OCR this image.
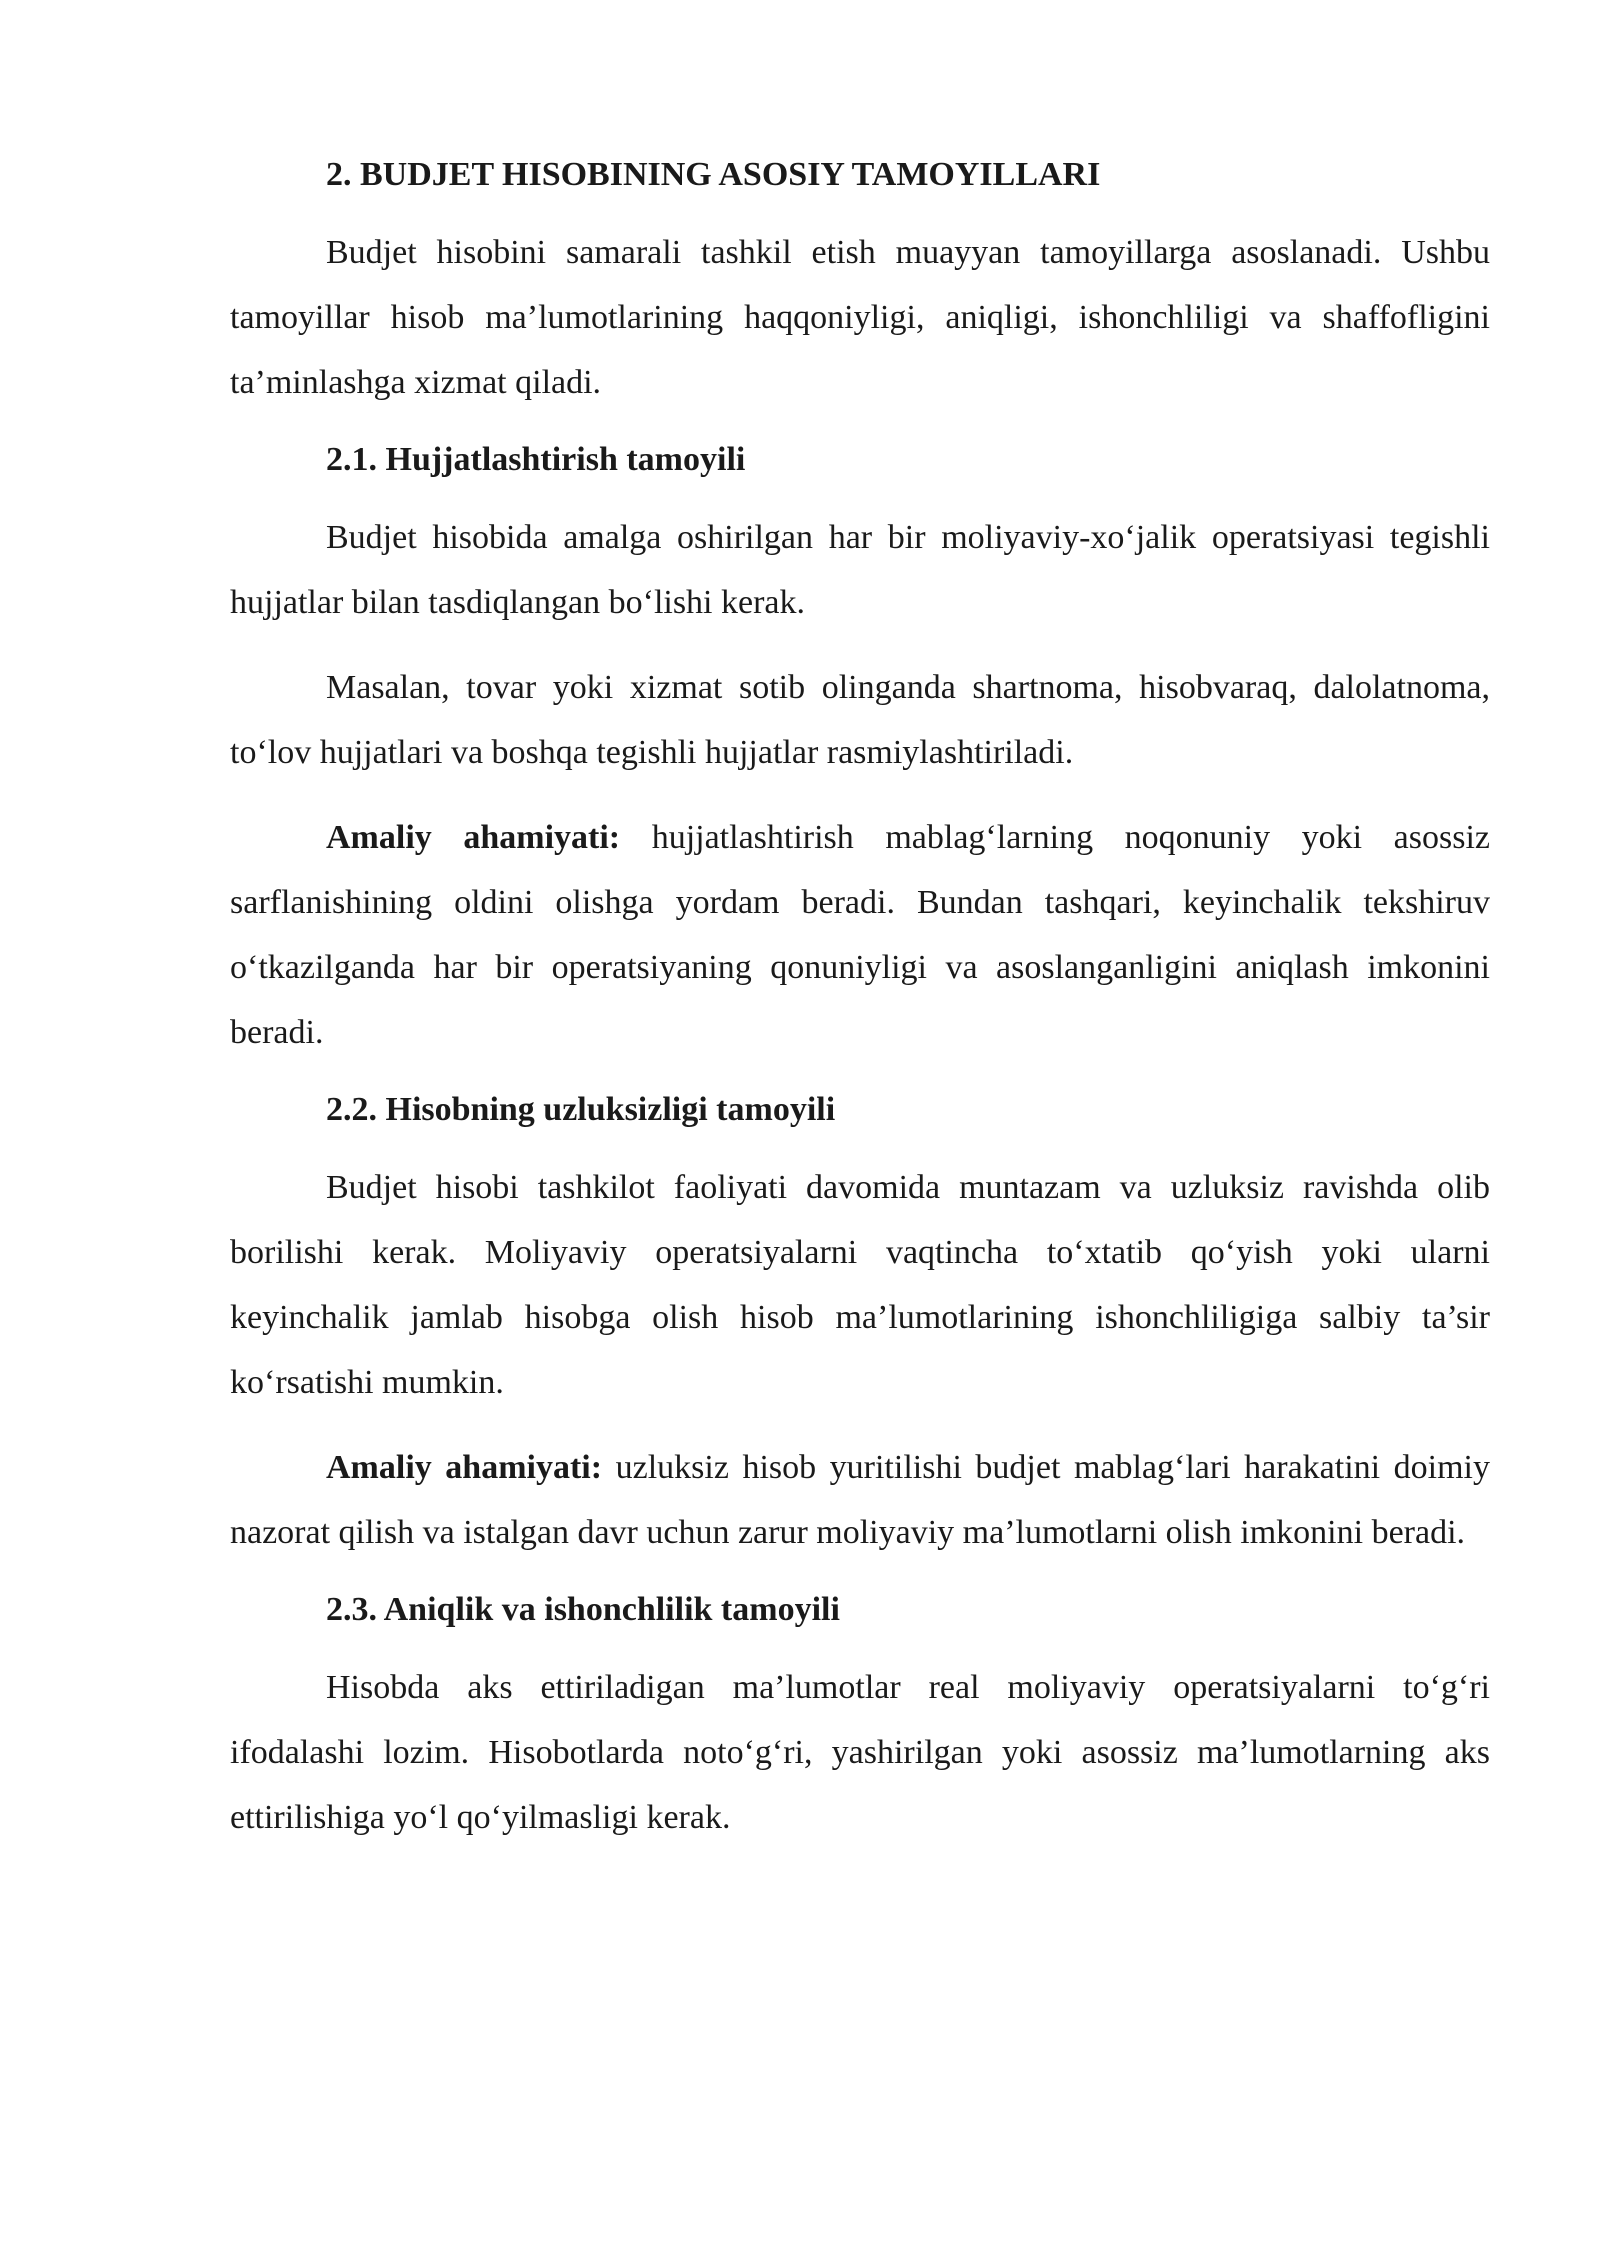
2. BUDJET HISOBINING ASOSIY TAMOYILLARI

Budjet hisobini samarali tashkil etish muayyan tamoyillarga asoslanadi. Ushbu tamoyillar hisob ma’lumotlarining haqqoniyligi, aniqligi, ishonchliligi va shaffofligini ta’minlashga xizmat qiladi.

2.1. Hujjatlashtirish tamoyili

Budjet hisobida amalga oshirilgan har bir moliyaviy-xo‘jalik operatsiyasi tegishli hujjatlar bilan tasdiqlangan bo‘lishi kerak.

Masalan, tovar yoki xizmat sotib olinganda shartnoma, hisobvaraq, dalolatnoma, to‘lov hujjatlari va boshqa tegishli hujjatlar rasmiylashtiriladi.

Amaliy ahamiyati: hujjatlashtirish mablag‘larning noqonuniy yoki asossiz sarflanishining oldini olishga yordam beradi. Bundan tashqari, keyinchalik tekshiruv o‘tkazilganda har bir operatsiyaning qonuniyligi va asoslanganligini aniqlash imkonini beradi.

2.2. Hisobning uzluksizligi tamoyili

Budjet hisobi tashkilot faoliyati davomida muntazam va uzluksiz ravishda olib borilishi kerak. Moliyaviy operatsiyalarni vaqtincha to‘xtatib qo‘yish yoki ularni keyinchalik jamlab hisobga olish hisob ma’lumotlarining ishonchliligiga salbiy ta’sir ko‘rsatishi mumkin.

Amaliy ahamiyati: uzluksiz hisob yuritilishi budjet mablag‘lari harakatini doimiy nazorat qilish va istalgan davr uchun zarur moliyaviy ma’lumotlarni olish imkonini beradi.

2.3. Aniqlik va ishonchlilik tamoyili

Hisobda aks ettiriladigan ma’lumotlar real moliyaviy operatsiyalarni to‘g‘ri ifodalashi lozim. Hisobotlarda noto‘g‘ri, yashirilgan yoki asossiz ma’lumotlarning aks ettirilishiga yo‘l qo‘yilmasligi kerak.
